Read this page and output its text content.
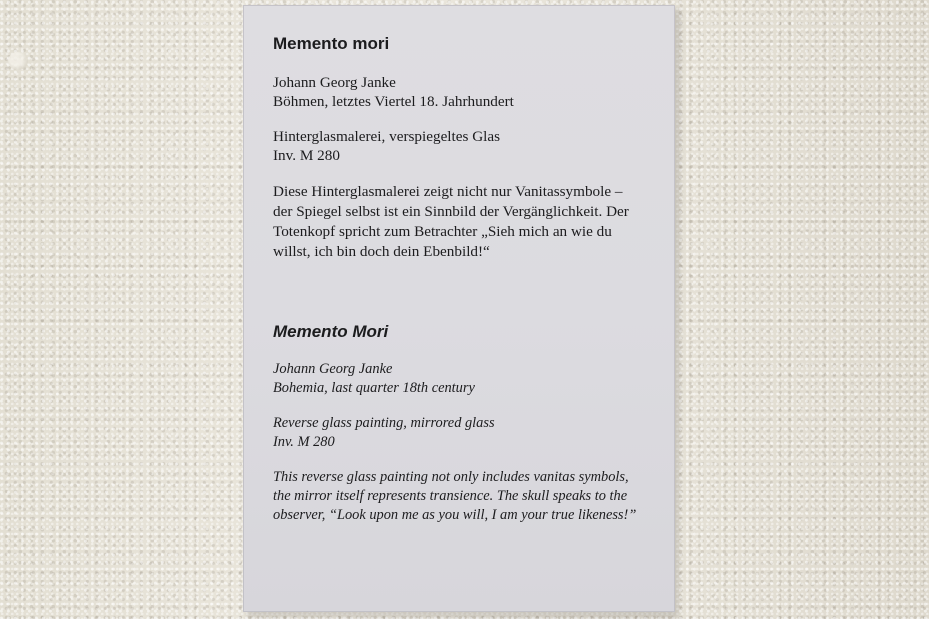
Memento mori
Johann Georg Janke
Böhmen, letztes Viertel 18. Jahrhundert
Hinterglasmalerei, verspiegeltes Glas
Inv. M 280
Diese Hinterglasmalerei zeigt nicht nur Vanitassymbole –
der Spiegel selbst ist ein Sinnbild der Vergänglichkeit. Der
Totenkopf spricht zum Betrachter „Sieh mich an wie du
willst, ich bin doch dein Ebenbild!“
Memento Mori
Johann Georg Janke
Bohemia, last quarter 18th century
Reverse glass painting, mirrored glass
Inv. M 280
This reverse glass painting not only includes vanitas symbols,
the mirror itself represents transience. The skull speaks to the
observer, “Look upon me as you will, I am your true likeness!”
